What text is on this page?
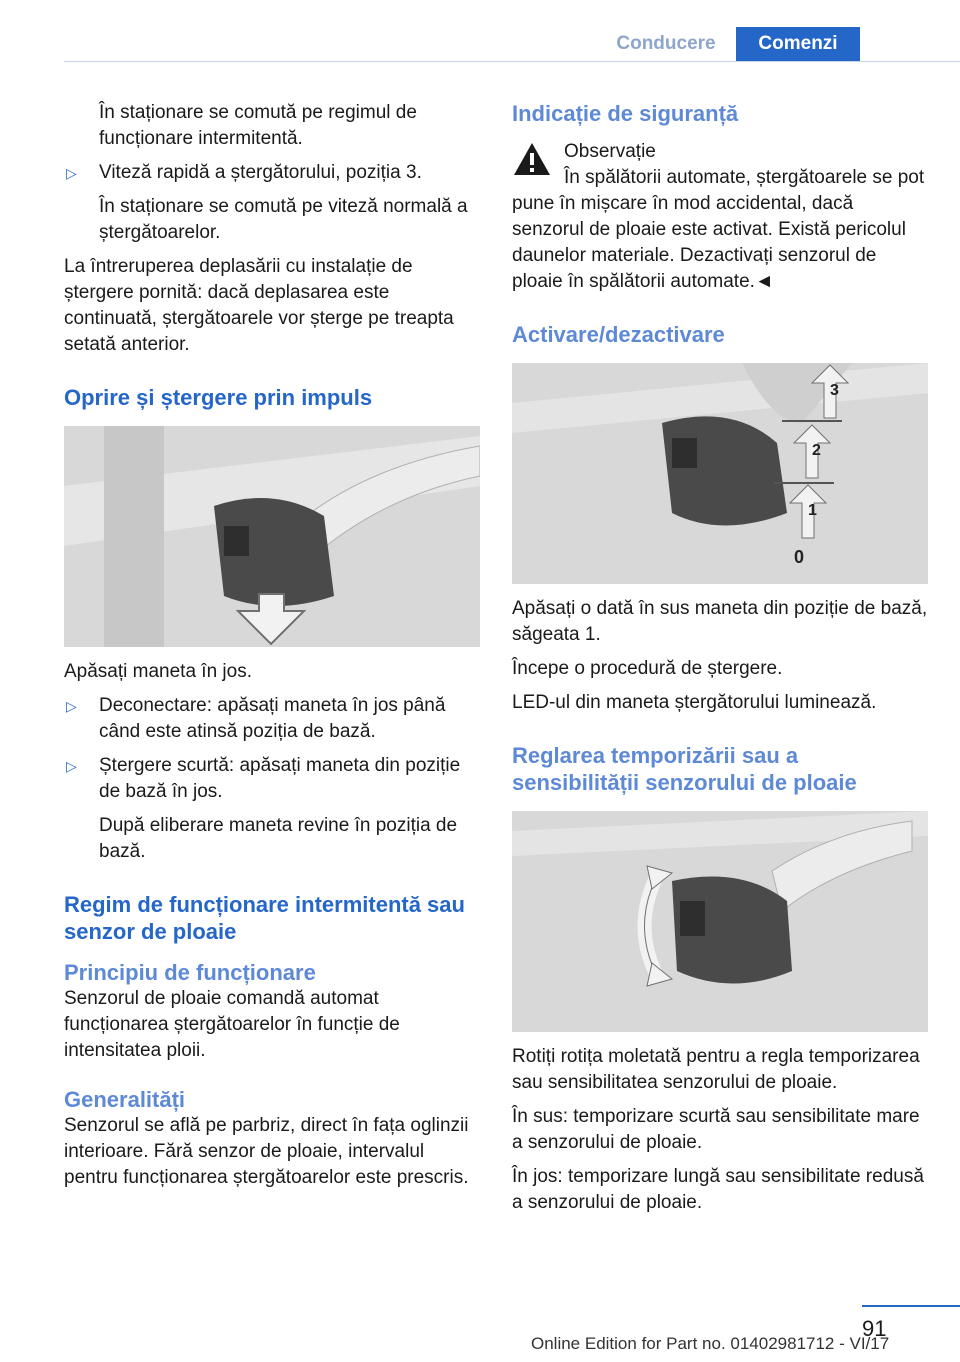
Conducere	Comenzi

În staționare se comută pe regimul de funcționare intermitentă.

▷ Viteză rapidă a ștergătorului, poziția 3.

În staționare se comută pe viteză normală a ștergătoarelor.

La întreruperea deplasării cu instalație de ștergere pornită: dacă deplasarea este continuată, ștergătoarele vor șterge pe treapta setată anterior.

Oprire și ștergere prin impuls

Apăsați maneta în jos.

▷ Deconectare: apăsați maneta în jos până când este atinsă poziția de bază.

▷ Ștergere scurtă: apăsați maneta din poziție de bază în jos.

După eliberare maneta revine în poziția de bază.

Regim de funcționare intermitentă sau senzor de ploaie
Principiu de funcționare

Senzorul de ploaie comandă automat funcționarea ștergătoarelor în funcție de intensitatea ploii.

Generalități

Senzorul se află pe parbriz, direct în fața oglinzii interioare. Fără senzor de ploaie, intervalul pentru funcționarea ștergătoarelor este prescris.

Indicație de siguranță

Observație

În spălătorii automate, ștergătoarele se pot pune în mișcare în mod accidental, dacă senzorul de ploaie este activat. Există pericolul daunelor materiale. Dezactivați senzorul de ploaie în spălătorii automate.◄

Activare/dezactivare
3
2
1
0

Apăsați o dată în sus maneta din poziție de bază, săgeata 1.

Începe o procedură de ștergere.

LED-ul din maneta ștergătorului luminează.

Reglarea temporizării sau a sensibilității senzorului de ploaie

Rotiți rotița moletată pentru a regla temporizarea sau sensibilitatea senzorului de ploaie.

În sus: temporizare scurtă sau sensibilitate mare a senzorului de ploaie.

În jos: temporizare lungă sau sensibilitate redusă a senzorului de ploaie.

91
Online Edition for Part no. 01402981712 - VI/17
